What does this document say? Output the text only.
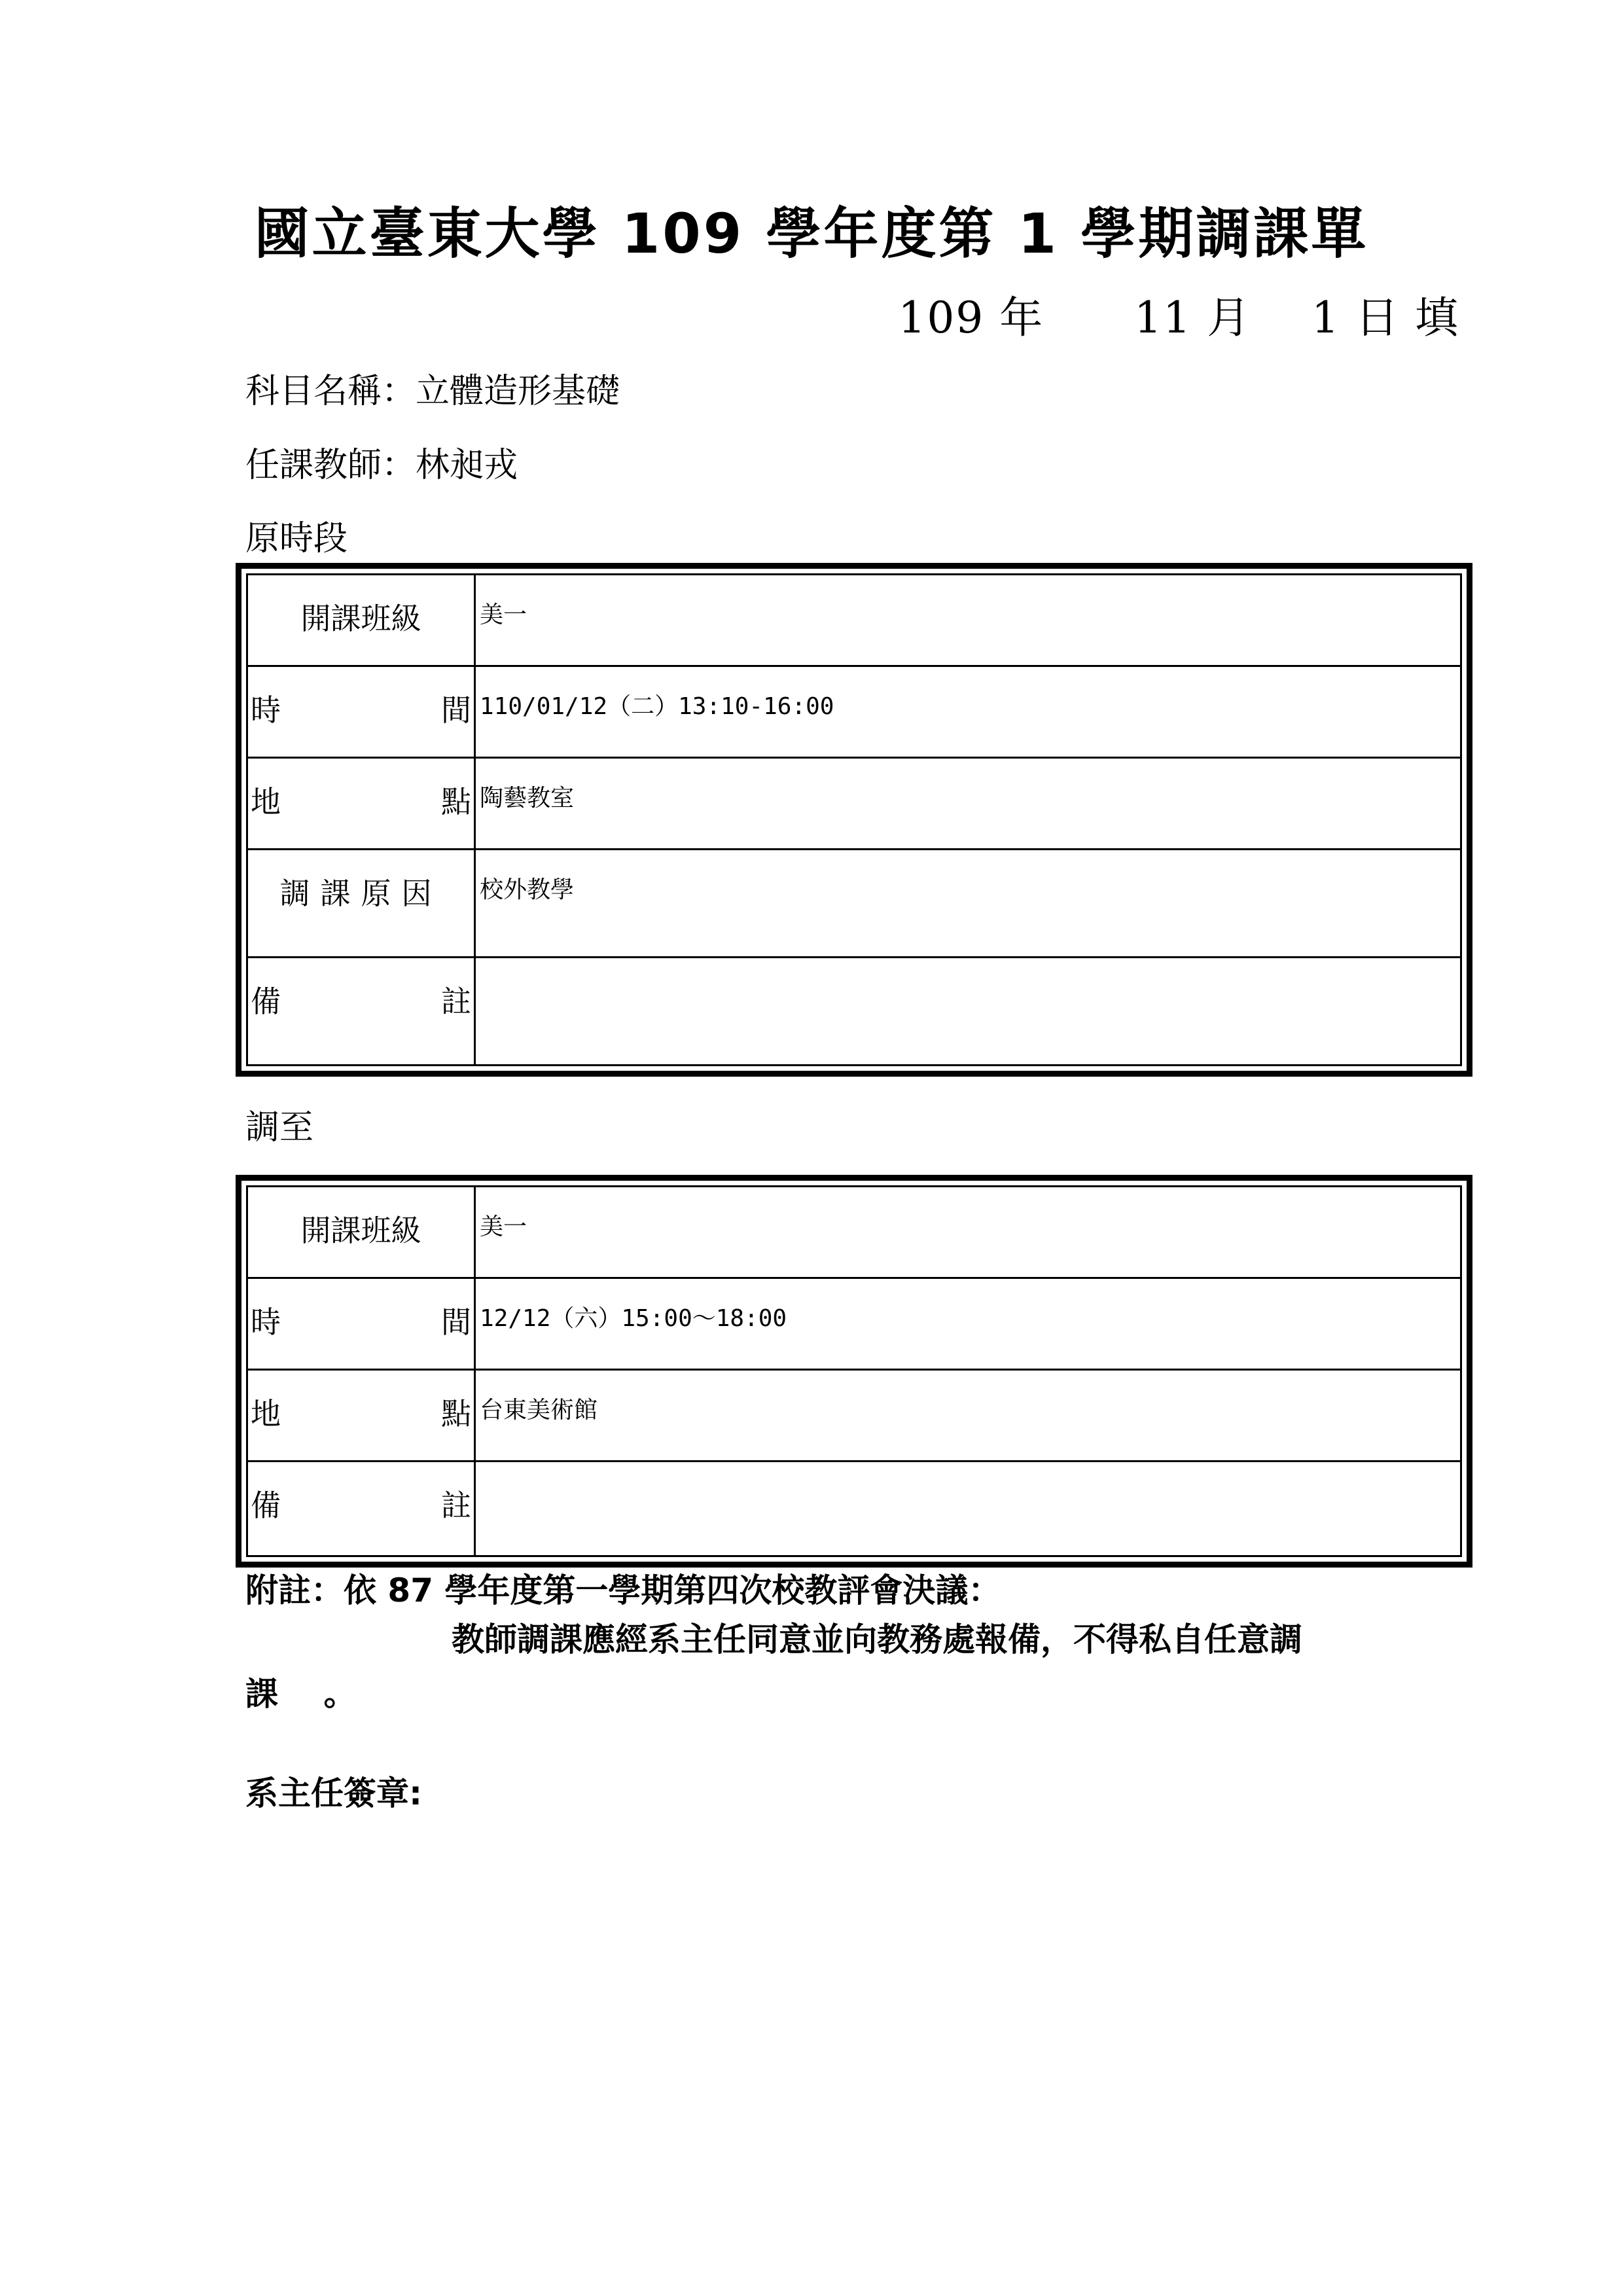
國立臺東大學 109 學年度第 1 學期調課單
109 年      11 月    1 日 填
科目名稱：立體造形基礎
任課教師：林昶戎
原時段
開課班級	美一

時 間	110/01/12（二）13:10-16:00

地 點	陶藝教室

調課原因	校外教學

備 註	

調至
開課班級	美一

時 間	12/12（六）15:00～18:00

地 點	台東美術館

備 註	

附註：依 87 學年度第一學期第四次校教評會決議：
教師調課應經系主任同意並向教務處報備，不得私自任意調
課    。
系主任簽章:
